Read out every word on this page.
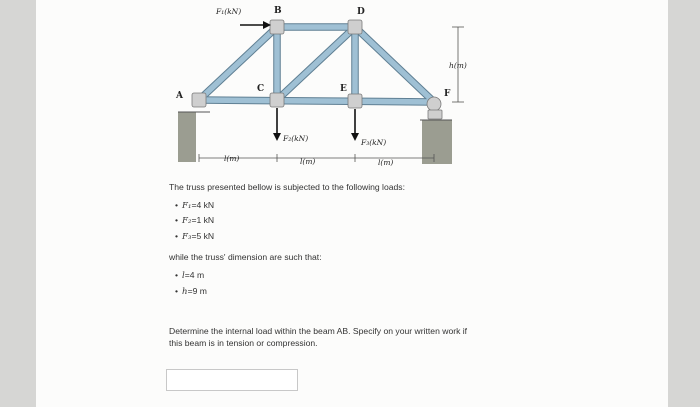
A
B
C
D
E	F
F₁(kN)
F₂(kN)	F₃(kN)
l(m)	l(m)	l(m)
h(m)

The truss presented bellow is subjected to the following loads:

• F₁=4 kN
• F₂=1 kN
• F₃=5 kN

while the truss' dimension are such that:

• l=4 m
• h=9 m

Determine the internal load within the beam AB. Specify on your written work if this beam is in tension or compression.
